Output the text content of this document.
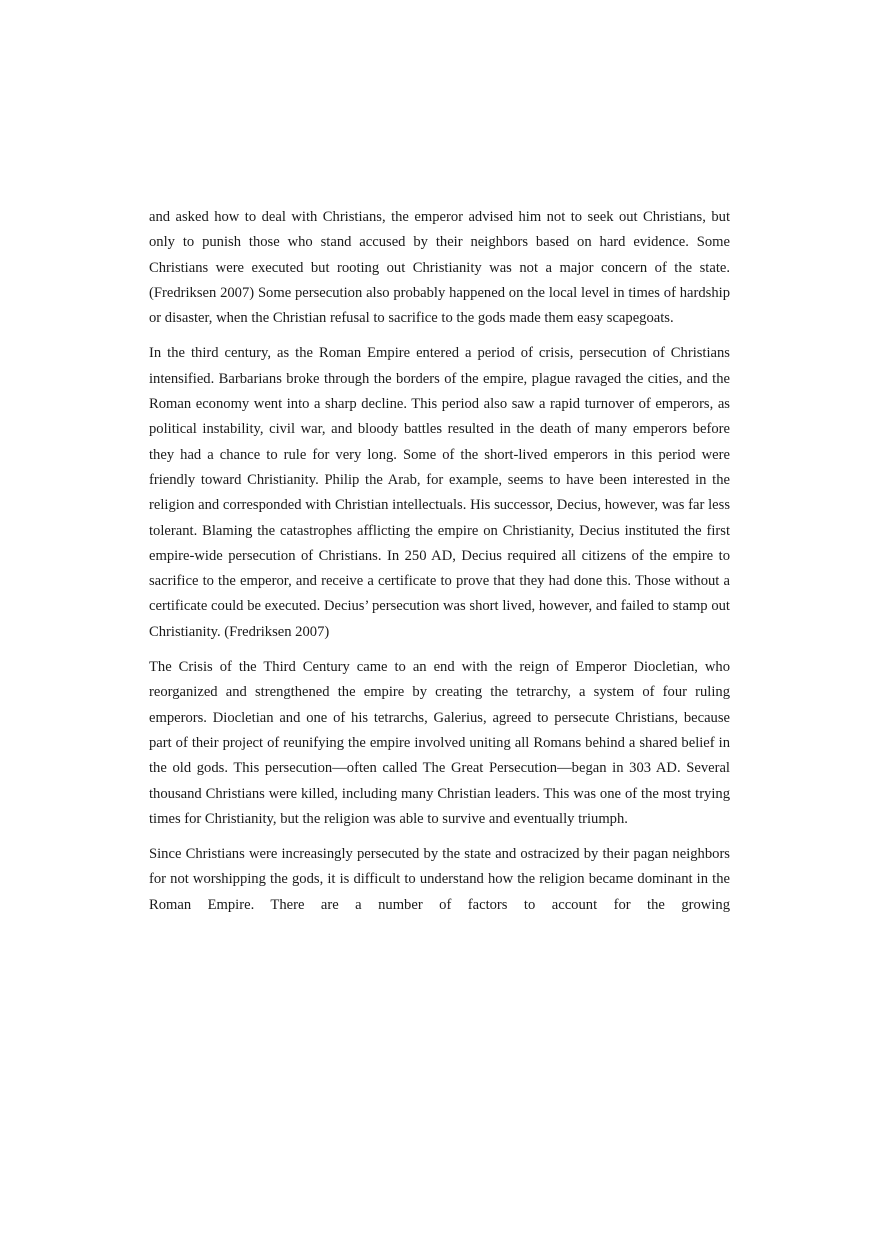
and asked how to deal with Christians, the emperor advised him not to seek out Christians, but only to punish those who stand accused by their neighbors based on hard evidence. Some Christians were executed but rooting out Christianity was not a major concern of the state. (Fredriksen 2007) Some persecution also probably happened on the local level in times of hardship or disaster, when the Christian refusal to sacrifice to the gods made them easy scapegoats.

In the third century, as the Roman Empire entered a period of crisis, persecution of Christians intensified. Barbarians broke through the borders of the empire, plague ravaged the cities, and the Roman economy went into a sharp decline. This period also saw a rapid turnover of emperors, as political instability, civil war, and bloody battles resulted in the death of many emperors before they had a chance to rule for very long. Some of the short-lived emperors in this period were friendly toward Christianity. Philip the Arab, for example, seems to have been interested in the religion and corresponded with Christian intellectuals. His successor, Decius, however, was far less tolerant. Blaming the catastrophes afflicting the empire on Christianity, Decius instituted the first empire-wide persecution of Christians. In 250 AD, Decius required all citizens of the empire to sacrifice to the emperor, and receive a certificate to prove that they had done this. Those without a certificate could be executed. Decius’ persecution was short lived, however, and failed to stamp out Christianity. (Fredriksen 2007)

The Crisis of the Third Century came to an end with the reign of Emperor Diocletian, who reorganized and strengthened the empire by creating the tetrarchy, a system of four ruling emperors. Diocletian and one of his tetrarchs, Galerius, agreed to persecute Christians, because part of their project of reunifying the empire involved uniting all Romans behind a shared belief in the old gods. This persecution—often called The Great Persecution—began in 303 AD. Several thousand Christians were killed, including many Christian leaders. This was one of the most trying times for Christianity, but the religion was able to survive and eventually triumph.

Since Christians were increasingly persecuted by the state and ostracized by their pagan neighbors for not worshipping the gods, it is difficult to understand how the religion became dominant in the Roman Empire. There are a number of factors to account for the growing
